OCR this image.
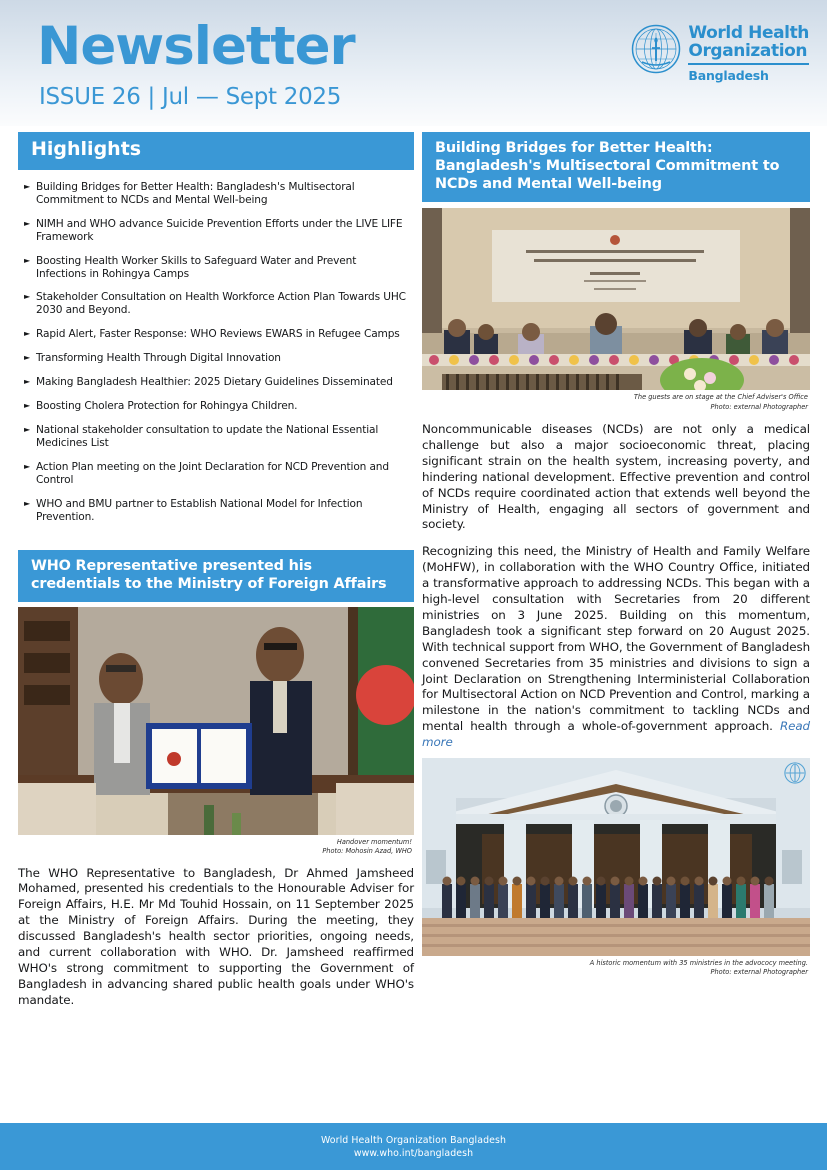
Newsletter
ISSUE 26 | Jul — Sept 2025
World Health
Organization
Bangladesh
Highlights
► Building Bridges for Better Health: Bangladesh's Multisectoral Commitment to NCDs and Mental Well-being
► NIMH and WHO advance Suicide Prevention Efforts under the LIVE LIFE Framework
► Boosting Health Worker Skills to Safeguard Water and Prevent Infections in Rohingya Camps
► Stakeholder Consultation on Health Workforce Action Plan Towards UHC 2030 and Beyond.
► Rapid Alert, Faster Response: WHO Reviews EWARS in Refugee Camps
► Transforming Health Through Digital Innovation
► Making Bangladesh Healthier: 2025 Dietary Guidelines Disseminated
► Boosting Cholera Protection for Rohingya Children.
► National stakeholder consultation to update the National Essential Medicines List
► Action Plan meeting on the Joint Declaration for NCD Prevention and Control
► WHO and BMU partner to Establish National Model for Infection Prevention.
WHO Representative presented his credentials to the Ministry of Foreign Affairs
Handover momentum!
Photo: Mohosin Azad, WHO

The WHO Representative to Bangladesh, Dr Ahmed Jamsheed Mohamed, presented his credentials to the Honourable Adviser for Foreign Affairs, H.E. Mr Md Touhid Hossain, on 11 September 2025 at the Ministry of Foreign Affairs. During the meeting, they discussed Bangladesh's health sector priorities, ongoing needs, and current collaboration with WHO. Dr. Jamsheed reaffirmed WHO's strong commitment to supporting the Government of Bangladesh in advancing shared public health goals under WHO's mandate.

Building Bridges for Better Health: Bangladesh's Multisectoral Commitment to NCDs and Mental Well-being
The guests are on stage at the Chief Adviser's Office
Photo: external Photographer

Noncommunicable diseases (NCDs) are not only a medical challenge but also a major socioeconomic threat, placing significant strain on the health system, increasing poverty, and hindering national development. Effective prevention and control of NCDs require coordinated action that extends well beyond the Ministry of Health, engaging all sectors of government and society.

Recognizing this need, the Ministry of Health and Family Welfare (MoHFW), in collaboration with the WHO Country Office, initiated a transformative approach to addressing NCDs. This began with a high-level consultation with Secretaries from 20 different ministries on 3 June 2025. Building on this momentum, Bangladesh took a significant step forward on 20 August 2025. With technical support from WHO, the Government of Bangladesh convened Secretaries from 35 ministries and divisions to sign a Joint Declaration on Strengthening Interministerial Collaboration for Multisectoral Action on NCD Prevention and Control, marking a milestone in the nation's commitment to tackling NCDs and mental health through a whole-of-government approach. Read more

A historic momentum with 35 ministries in the advococy meeting.
Photo: external Photographer
World Health Organization Bangladesh
www.who.int/bangladesh
